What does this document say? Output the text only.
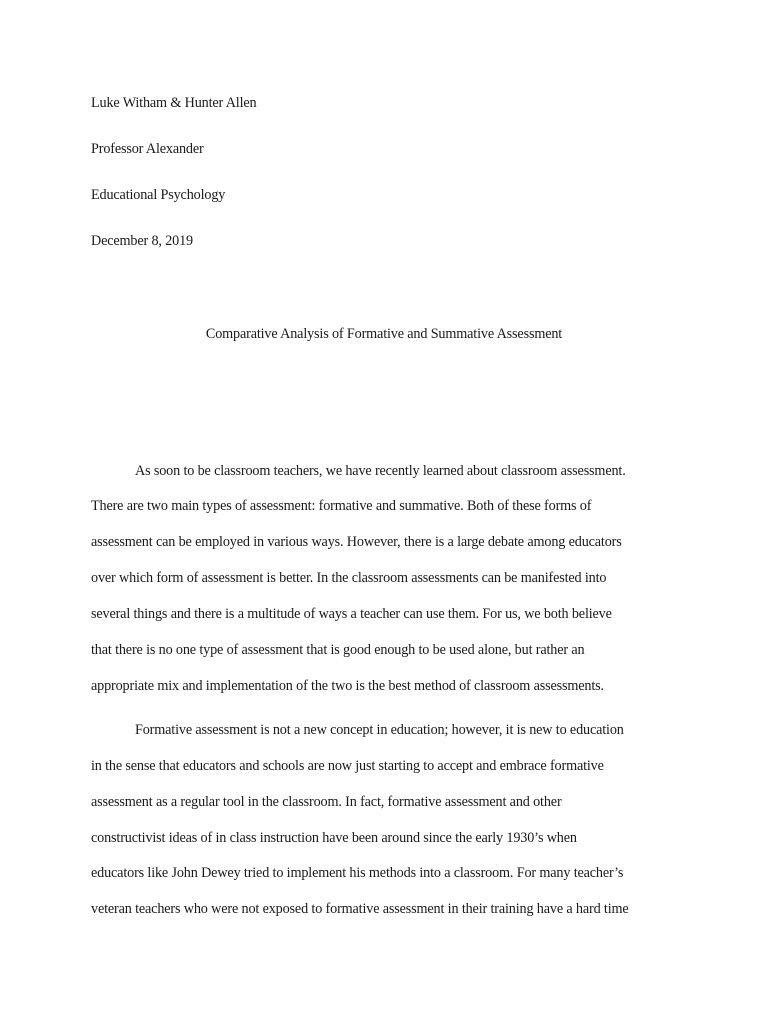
Luke Witham & Hunter Allen
Professor Alexander
Educational Psychology
December 8, 2019
Comparative Analysis of Formative and Summative Assessment
As soon to be classroom teachers, we have recently learned about classroom assessment.
There are two main types of assessment: formative and summative. Both of these forms of
assessment can be employed in various ways. However, there is a large debate among educators
over which form of assessment is better. In the classroom assessments can be manifested into
several things and there is a multitude of ways a teacher can use them. For us, we both believe
that there is no one type of assessment that is good enough to be used alone, but rather an
appropriate mix and implementation of the two is the best method of classroom assessments.
Formative assessment is not a new concept in education; however, it is new to education
in the sense that educators and schools are now just starting to accept and embrace formative
assessment as a regular tool in the classroom. In fact, formative assessment and other
constructivist ideas of in class instruction have been around since the early 1930’s when
educators like John Dewey tried to implement his methods into a classroom. For many teacher’s
veteran teachers who were not exposed to formative assessment in their training have a hard time
